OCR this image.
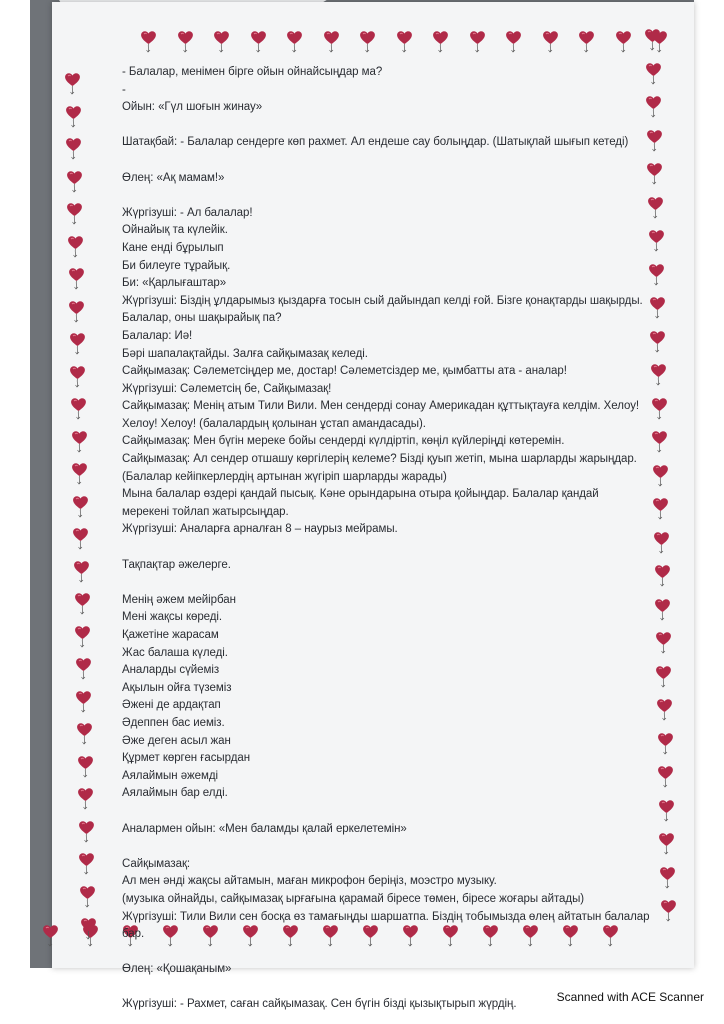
- Балалар, менімен бірге ойын ойнайсыңдар ма?
-
Ойын: «Гүл шоғын жинау»
Шатақбай: - Балалар сендерге көп рахмет. Ал ендеше сау болыңдар. (Шатықлай шығып кетеді)
Өлең: «Ақ мамам!»
Жүргізуші: - Ал балалар!
Ойнайық та күлейік.
Кане енді бұрылып
Би билеуге тұрайық.
Би: «Қарлығаштар»
Жүргізуші: Біздің ұлдарымыз қыздарға тосын сый дайындап келді ғой. Бізге қонақтарды шақырды.
Балалар, оны шақырайық па?
Балалар: Иә!
Бәрі шапалақтайды. Залға сайқымазақ келеді.
Сайқымазақ: Сәлеметсіңдер ме, достар! Сәлеметсіздер ме, қымбатты ата - аналар!
Жүргізуші: Сәлеметсің бе, Сайқымазақ!
Сайқымазақ: Менің атым Тили Вили. Мен сендерді сонау Америкадан құттықтауға келдім. Хелоу!
Хелоу! Хелоу! (балалардың қолынан ұстап амандасады).
Сайқымазақ: Мен бүгін мереке бойы сендерді күлдіртіп, көңіл күйлеріңді көтеремін.
Сайқымазақ: Ал сендер отшашу көргілерің келеме? Бізді қуып жетіп, мына шарларды жарыңдар.
(Балалар кейіпкерлердің артынан жүгіріп шарларды жарады)
Мына балалар өздері қандай пысық. Кәне орындарына отыра қойыңдар. Балалар қандай
мерекені тойлап жатырсыңдар.
Жүргізуші: Аналарға арналған 8 – наурыз мейрамы.
Тақпақтар әжелерге.
Менің әжем мейірбан
Мені жақсы көреді.
Қажетіне жарасам
Жас балаша күледі.
Аналарды сүйеміз
Ақылын ойға түземіз
Әжені де ардақтап
Әдеппен бас иеміз.
Әже деген асыл жан
Құрмет көрген ғасырдан
Аялаймын әжемді
Аялаймын бар елді.
Аналармен ойын: «Мен баламды қалай еркелетемін»
Сайқымазақ:
Ал мен әнді жақсы айтамын, маған микрофон беріңіз, моэстро музыку.
(музыка ойнайды, сайқымазақ ырғағына қарамай біресе төмен, біресе жоғары айтады)
Жүргізуші: Тили Вили сен босқа өз тамағыңды шаршатпа. Біздің тобымызда өлең айтатын балалар
бар.
Өлең: «Қошақаным»
Жүргізуші: - Рахмет, саған сайқымазақ. Сен бүгін бізді қызықтырып жүрдің.
Scanned with ACE Scanner
